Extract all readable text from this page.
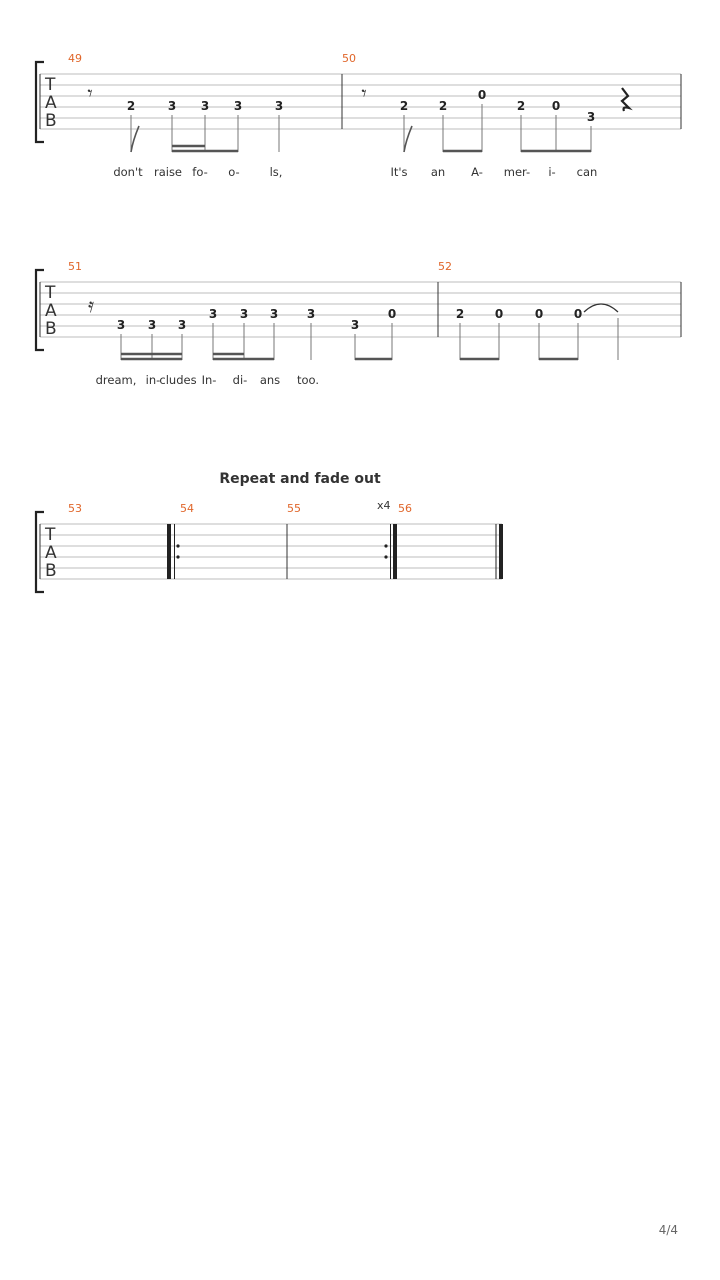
T
A
B
49
𝄾
2	3 3 3	3
50
𝄾
2	2
0
2 0
3
don't raise fo- o-	ls,	It's an A- mer- i- can
T
A
B
51
𝄿
3 3 3
3 3 3 3
3
0
52
2	0	0	0
dream, in- cludes In- di- ans too.
Repeat and fade out
T
A
B
53	54	55	x4 56
4/4
